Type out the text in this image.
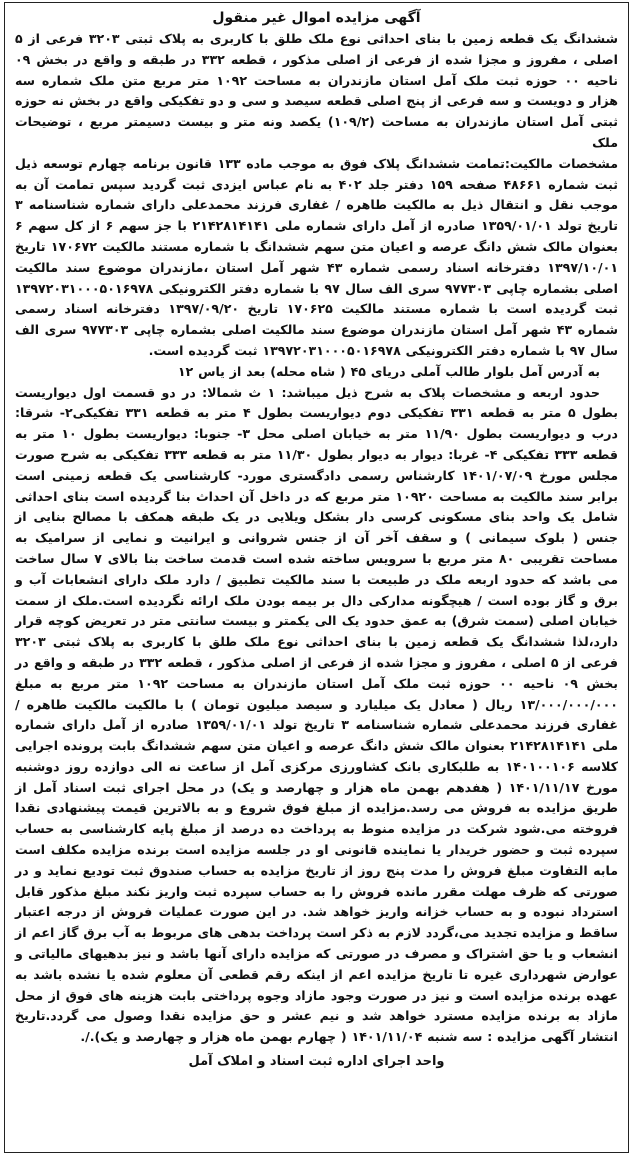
آگهی مزایده اموال غیر منقول

ششدانگ یک قطعه زمین با بنای احداثی نوع ملک طلق با کاربری به پلاک ثبتی ۳۲۰۳ فرعی از ۵ اصلی ، مفروز و مجزا شده از فرعی از اصلی مذکور ، قطعه ۳۳۲ در طبقه و واقع در بخش ۰۹ ناحیه ۰۰ حوزه ثبت ملک آمل استان مازندران به مساحت ۱۰۹۲ متر مربع متن ملک شماره سه هزار و دویست و سه فرعی از پنج اصلی قطعه سیصد و سی و دو تفکیکی واقع در بخش نه حوزه ثبتی آمل استان مازندران به مساحت (۱۰۹/۲) یکصد ونه متر و بیست دسیمتر مربع ، توضیحات ملک

مشخصات مالکیت:تمامت ششدانگ پلاک فوق به موجب ماده ۱۳۳ قانون برنامه چهارم توسعه ذیل ثبت شماره ۴۸۶۶۱ صفحه ۱۵۹ دفتر جلد ۴۰۲ به نام عباس ایزدی ثبت گردید سپس تمامت آن به موجب نقل و انتقال ذیل به مالکیت طاهره / غفاری فرزند محمدعلی دارای شماره شناسنامه ۳ تاریخ تولد ۱۳۵۹/۰۱/۰۱ صادره از آمل دارای شماره ملی ۲۱۴۲۸۱۴۱۴۱ با جز سهم ۶ از کل سهم ۶ بعنوان مالک شش دانگ عرصه و اعیان متن سهم ششدانگ با شماره مستند مالکیت ۱۷۰۶۷۲ تاریخ ۱۳۹۷/۱۰/۰۱ دفترخانه اسناد رسمی شماره ۴۳ شهر آمل استان ،مازندران موضوع سند مالکیت اصلی بشماره چاپی ۹۷۷۳۰۳ سری الف سال ۹۷ با شماره دفتر الکترونیکی ۱۳۹۷۲۰۳۱۰۰۰۵۰۱۶۹۷۸ ثبت گردیده است با شماره مستند مالکیت ۱۷۰۶۲۵ تاریخ ۱۳۹۷/۰۹/۲۰ دفترخانه اسناد رسمی شماره ۴۳ شهر آمل استان مازندران موضوع سند مالکیت اصلی بشماره چاپی ۹۷۷۳۰۳ سری الف سال ۹۷ با شماره دفتر الکترونیکی ۱۳۹۷۲۰۳۱۰۰۰۵۰۱۶۹۷۸ ثبت گردیده است.

به آدرس آمل بلوار طالب آملی دریای ۴۵ ( شاه محله) بعد از یاس ۱۲

حدود اربعه و مشخصات پلاک به شرح ذیل میباشد: ۱ ث شمالا: در دو قسمت اول دیواریست بطول ۵ متر به قطعه ۳۳۱ تفکیکی دوم دیواریست بطول ۴ متر به قطعه ۳۳۱ تفکیکی۲- شرقا: درب و دیواریست بطول ۱۱/۹۰ متر به خیابان اصلی محل ۳- جنوبا: دیواریست بطول ۱۰ متر به قطعه ۳۳۳ تفکیکی ۴- غربا: دیوار به دیوار بطول ۱۱/۳۰ متر به قطعه ۳۳۳ تفکیکی به شرح صورت مجلس مورخ ۱۴۰۱/۰۷/۰۹ کارشناس رسمی دادگستری مورد- کارشناسی یک قطعه زمینی است برابر سند مالکیت به مساحت ۱۰۹۲۰ متر مربع که در داخل آن احداث بنا گردیده است بنای احداثی شامل یک واحد بنای مسکونی کرسی دار بشکل ویلایی در یک طبقه همکف با مصالح بنایی از جنس ( بلوک سیمانی ) و سقف آخر آن از جنس شروانی و ایرانیت و نمایی از سرامیک به مساحت تقریبی ۸۰ متر مربع با سرویس ساخته شده است قدمت ساخت بنا بالای ۷ سال ساخت می باشد که حدود اربعه ملک در طبیعت با سند مالکیت تطبیق / دارد ملک دارای انشعابات آب و برق و گاز بوده است / هیچگونه مدارکی دال بر بیمه بودن ملک ارائه نگردیده است.ملک از سمت خیابان اصلی (سمت شرق) به عمق حدود یک الی یکمتر و بیست سانتی متر در تعریض کوچه قرار دارد،لذا ششدانگ یک قطعه زمین با بنای احداثی نوع ملک طلق با کاربری به پلاک ثبتی ۳۲۰۳ فرعی از ۵ اصلی ، مفروز و مجزا شده از فرعی از اصلی مذکور ، قطعه ۳۳۲ در طبقه و واقع در بخش ۰۹ ناحیه ۰۰ حوزه ثبت ملک آمل استان مازندران به مساحت ۱۰۹۲ متر مربع به مبلغ ۱۳/۰۰۰/۰۰۰/۰۰۰ ریال ( معادل یک میلیارد و سیصد میلیون تومان ) با مالکیت مالکیت طاهره / غفاری فرزند محمدعلی شماره شناسنامه ۳ تاریخ تولد ۱۳۵۹/۰۱/۰۱ صادره از آمل دارای شماره ملی ۲۱۴۲۸۱۴۱۴۱ بعنوان مالک شش دانگ عرصه و اعیان متن سهم ششدانگ بابت پرونده اجرایی کلاسه ۱۴۰۱۰۰۱۰۶ به طلبکاری بانک کشاورزی مرکزی آمل از ساعت نه الی دوازده روز دوشنبه مورخ ۱۴۰۱/۱۱/۱۷ ( هفدهم بهمن ماه هزار و چهارصد و یک) در محل اجرای ثبت اسناد آمل از طریق مزایده به فروش می رسد.مزایده از مبلغ فوق شروع و به بالاترین قیمت پیشنهادی نقدا فروخته می.شود شرکت در مزایده منوط به پرداخت ده درصد از مبلغ پایه کارشناسی به حساب سپرده ثبت و حضور خریدار یا نماینده قانونی او در جلسه مزایده است برنده مزایده مکلف است مابه التفاوت مبلغ فروش را مدت پنج روز از تاریخ مزایده به حساب صندوق ثبت تودیع نماید و در صورتی که ظرف مهلت مقرر مانده فروش را به حساب سپرده ثبت واریز نکند مبلغ مذکور قابل استرداد نبوده و به حساب خزانه واریز خواهد شد. در این صورت عملیات فروش از درجه اعتبار ساقط و مزایده تجدید می،گردد لازم به ذکر است پرداخت بدهی های مربوط به آب برق گاز اعم از انشعاب و یا حق اشتراک و مصرف در صورتی که مزایده دارای آنها باشد و نیز بدهیهای مالیاتی و عوارض شهرداری غیره تا تاریخ مزایده اعم از اینکه رقم قطعی آن معلوم شده یا نشده باشد به عهده برنده مزایده است و نیز در صورت وجود مازاد وجوه پرداختی بابت هزینه های فوق از محل مازاد به برنده مزایده مسترد خواهد شد و نیم عشر و حق مزایده نقدا وصول می گردد.تاریخ انتشار آگهی مزایده : سه شنبه ۱۴۰۱/۱۱/۰۴ ( چهارم بهمن ماه هزار و چهارصد و یک)./.

واحد اجرای اداره ثبت اسناد و املاک آمل
